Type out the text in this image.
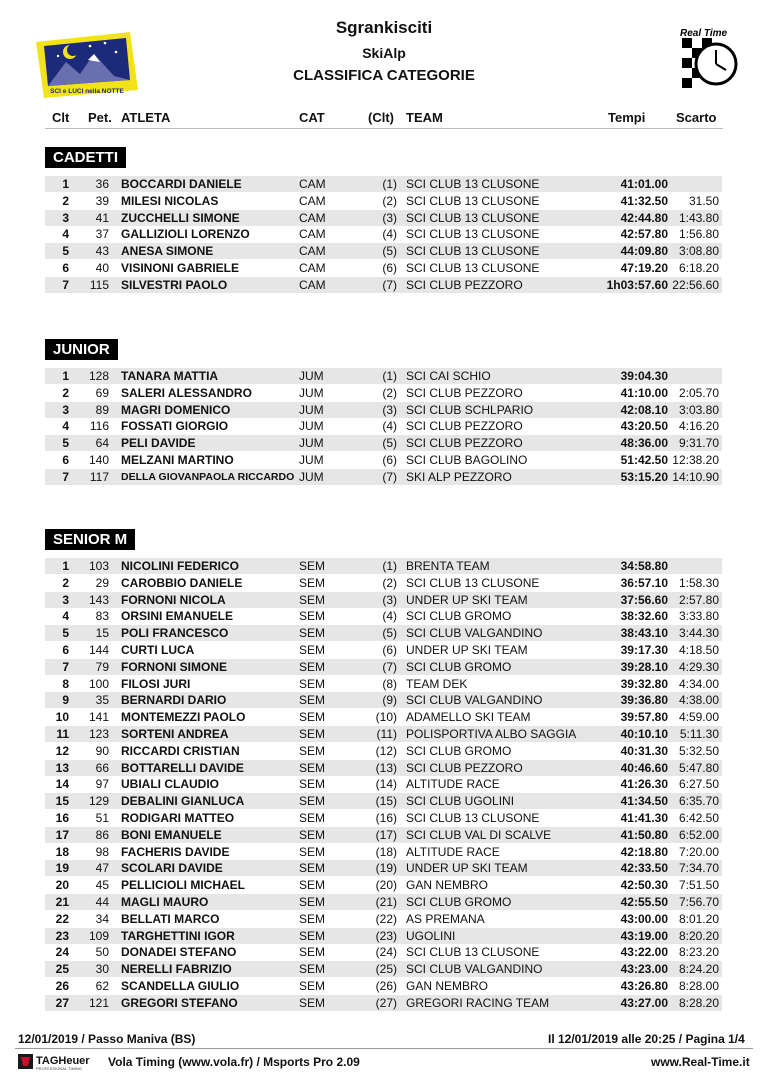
Sgrankisciti
SkiAlp
CLASSIFICA CATEGORIE
SCI e LUCI nella NOTTE
Real Time
Clt Pet. ATLETA	CAT	(Clt) TEAM	Tempi Scarto
CADETTI
1	36 BOCCARDI DANIELE	CAM	(1) SCI CLUB 13 CLUSONE	41:01.00
2	39 MILESI NICOLAS	CAM	(2) SCI CLUB 13 CLUSONE	41:32.50	31.50
3	41 ZUCCHELLI SIMONE	CAM	(3) SCI CLUB 13 CLUSONE	42:44.80 1:43.80
4	37 GALLIZIOLI LORENZO	CAM	(4) SCI CLUB 13 CLUSONE	42:57.80 1:56.80
5	43 ANESA SIMONE	CAM	(5) SCI CLUB 13 CLUSONE	44:09.80 3:08.80
6	40 VISINONI GABRIELE	CAM	(6) SCI CLUB 13 CLUSONE	47:19.20 6:18.20
7	115 SILVESTRI PAOLO	CAM	(7) SCI CLUB PEZZORO	1h03:57.60 22:56.60
JUNIOR
1	128 TANARA MATTIA	JUM	(1) SCI CAI SCHIO	39:04.30
2	69 SALERI ALESSANDRO	JUM	(2) SCI CLUB PEZZORO	41:10.00 2:05.70
3	89 MAGRI DOMENICO	JUM	(3) SCI CLUB SCHLPARIO	42:08.10 3:03.80
4	116 FOSSATI GIORGIO	JUM	(4) SCI CLUB PEZZORO	43:20.50 4:16.20
5	64 PELI DAVIDE	JUM	(5) SCI CLUB PEZZORO	48:36.00 9:31.70
6	140 MELZANI MARTINO	JUM	(6) SCI CLUB BAGOLINO	51:42.50 12:38.20
7	117 DELLA GIOVANPAOLA RICCARDO JUM	(7) SKI ALP PEZZORO	53:15.20 14:10.90
SENIOR M
1	103 NICOLINI FEDERICO	SEM	(1) BRENTA TEAM	34:58.80
2	29 CAROBBIO DANIELE	SEM	(2) SCI CLUB 13 CLUSONE	36:57.10 1:58.30
3	143 FORNONI NICOLA	SEM	(3) UNDER UP SKI TEAM	37:56.60 2:57.80
4	83 ORSINI EMANUELE	SEM	(4) SCI CLUB GROMO	38:32.60 3:33.80
5	15 POLI FRANCESCO	SEM	(5) SCI CLUB VALGANDINO	38:43.10 3:44.30
6	144 CURTI LUCA	SEM	(6) UNDER UP SKI TEAM	39:17.30 4:18.50
7	79 FORNONI SIMONE	SEM	(7) SCI CLUB GROMO	39:28.10 4:29.30
8	100 FILOSI JURI	SEM	(8) TEAM DEK	39:32.80 4:34.00
9	35 BERNARDI DARIO	SEM	(9) SCI CLUB VALGANDINO	39:36.80 4:38.00
10	141 MONTEMEZZI PAOLO	SEM	(10) ADAMELLO SKI TEAM	39:57.80 4:59.00
11	123 SORTENI ANDREA	SEM	(11) POLISPORTIVA ALBO SAGGIA	40:10.10 5:11.30
12	90 RICCARDI CRISTIAN	SEM	(12) SCI CLUB GROMO	40:31.30 5:32.50
13	66 BOTTARELLI DAVIDE	SEM	(13) SCI CLUB PEZZORO	40:46.60 5:47.80
14	97 UBIALI CLAUDIO	SEM	(14) ALTITUDE RACE	41:26.30 6:27.50
15	129 DEBALINI GIANLUCA	SEM	(15) SCI CLUB UGOLINI	41:34.50 6:35.70
16	51 RODIGARI MATTEO	SEM	(16) SCI CLUB 13 CLUSONE	41:41.30 6:42.50
17	86 BONI EMANUELE	SEM	(17) SCI CLUB VAL DI SCALVE	41:50.80 6:52.00
18	98 FACHERIS DAVIDE	SEM	(18) ALTITUDE RACE	42:18.80 7:20.00
19	47 SCOLARI DAVIDE	SEM	(19) UNDER UP SKI TEAM	42:33.50 7:34.70
20	45 PELLICIOLI MICHAEL	SEM	(20) GAN NEMBRO	42:50.30 7:51.50
21	44 MAGLI MAURO	SEM	(21) SCI CLUB GROMO	42:55.50 7:56.70
22	34 BELLATI MARCO	SEM	(22) AS PREMANA	43:00.00 8:01.20
23	109 TARGHETTINI IGOR	SEM	(23) UGOLINI	43:19.00 8:20.20
24	50 DONADEI STEFANO	SEM	(24) SCI CLUB 13 CLUSONE	43:22.00 8:23.20
25	30 NERELLI FABRIZIO	SEM	(25) SCI CLUB VALGANDINO	43:23.00 8:24.20
26	62 SCANDELLA GIULIO	SEM	(26) GAN NEMBRO	43:26.80 8:28.00
27	121 GREGORI STEFANO	SEM	(27) GREGORI RACING TEAM	43:27.00 8:28.20
12/01/2019 / Passo Maniva (BS)	Il 12/01/2019 alle 20:25 / Pagina 1/4
TAGHeuer
PROFESSIONAL TIMING Vola Timing (www.vola.fr) / Msports Pro 2.09	www.Real-Time.it
